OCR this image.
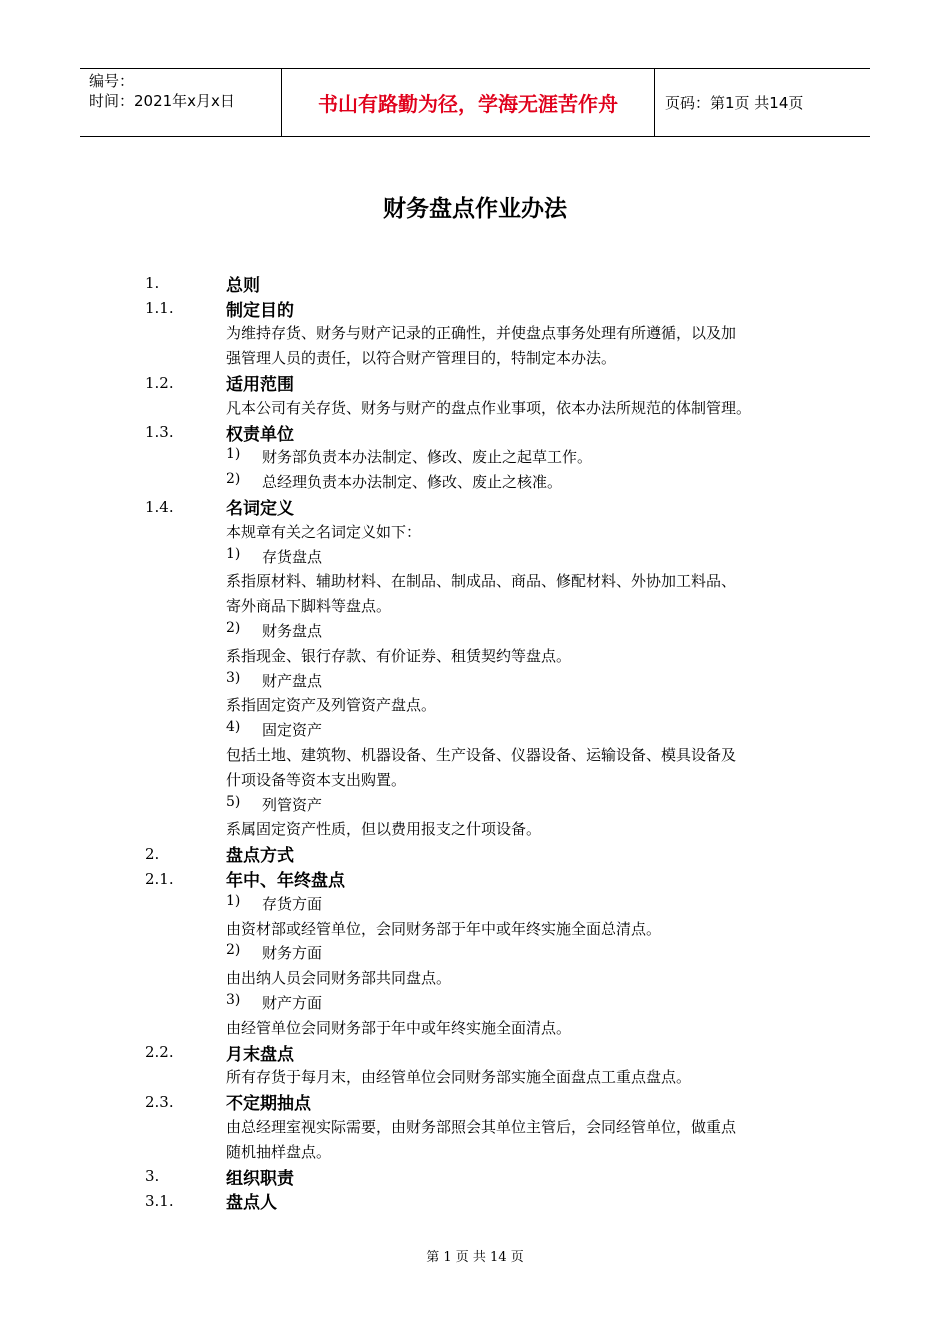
编号：
时间：2021年x月x日	书山有路勤为径，学海无涯苦作舟	页码：第1页 共14页
财务盘点作业办法
1.	总则
1.1.	制定目的
为维持存货、财务与财产记录的正确性，并使盘点事务处理有所遵循，以及加
强管理人员的责任，以符合财产管理目的，特制定本办法。
1.2.	适用范围
凡本公司有关存货、财务与财产的盘点作业事项，依本办法所规范的体制管理。
1.3.	权责单位
1)	财务部负责本办法制定、修改、废止之起草工作。
2)	总经理负责本办法制定、修改、废止之核准。
1.4.	名词定义
本规章有关之名词定义如下：
1)	存货盘点
系指原材料、辅助材料、在制品、制成品、商品、修配材料、外协加工料品、
寄外商品下脚料等盘点。
2)	财务盘点
系指现金、银行存款、有价证券、租赁契约等盘点。
3)	财产盘点
系指固定资产及列管资产盘点。
4)	固定资产
包括土地、建筑物、机器设备、生产设备、仪器设备、运输设备、模具设备及
什项设备等资本支出购置。
5)	列管资产
系属固定资产性质，但以费用报支之什项设备。
2.	盘点方式
2.1.	年中、年终盘点
1)	存货方面
由资材部或经管单位，会同财务部于年中或年终实施全面总清点。
2)	财务方面
由出纳人员会同财务部共同盘点。
3)	财产方面
由经管单位会同财务部于年中或年终实施全面清点。
2.2.	月末盘点
所有存货于每月末，由经管单位会同财务部实施全面盘点工重点盘点。
2.3.	不定期抽点
由总经理室视实际需要，由财务部照会其单位主管后，会同经管单位，做重点
随机抽样盘点。
3.	组织职责
3.1.	盘点人
第 1 页 共 14 页
